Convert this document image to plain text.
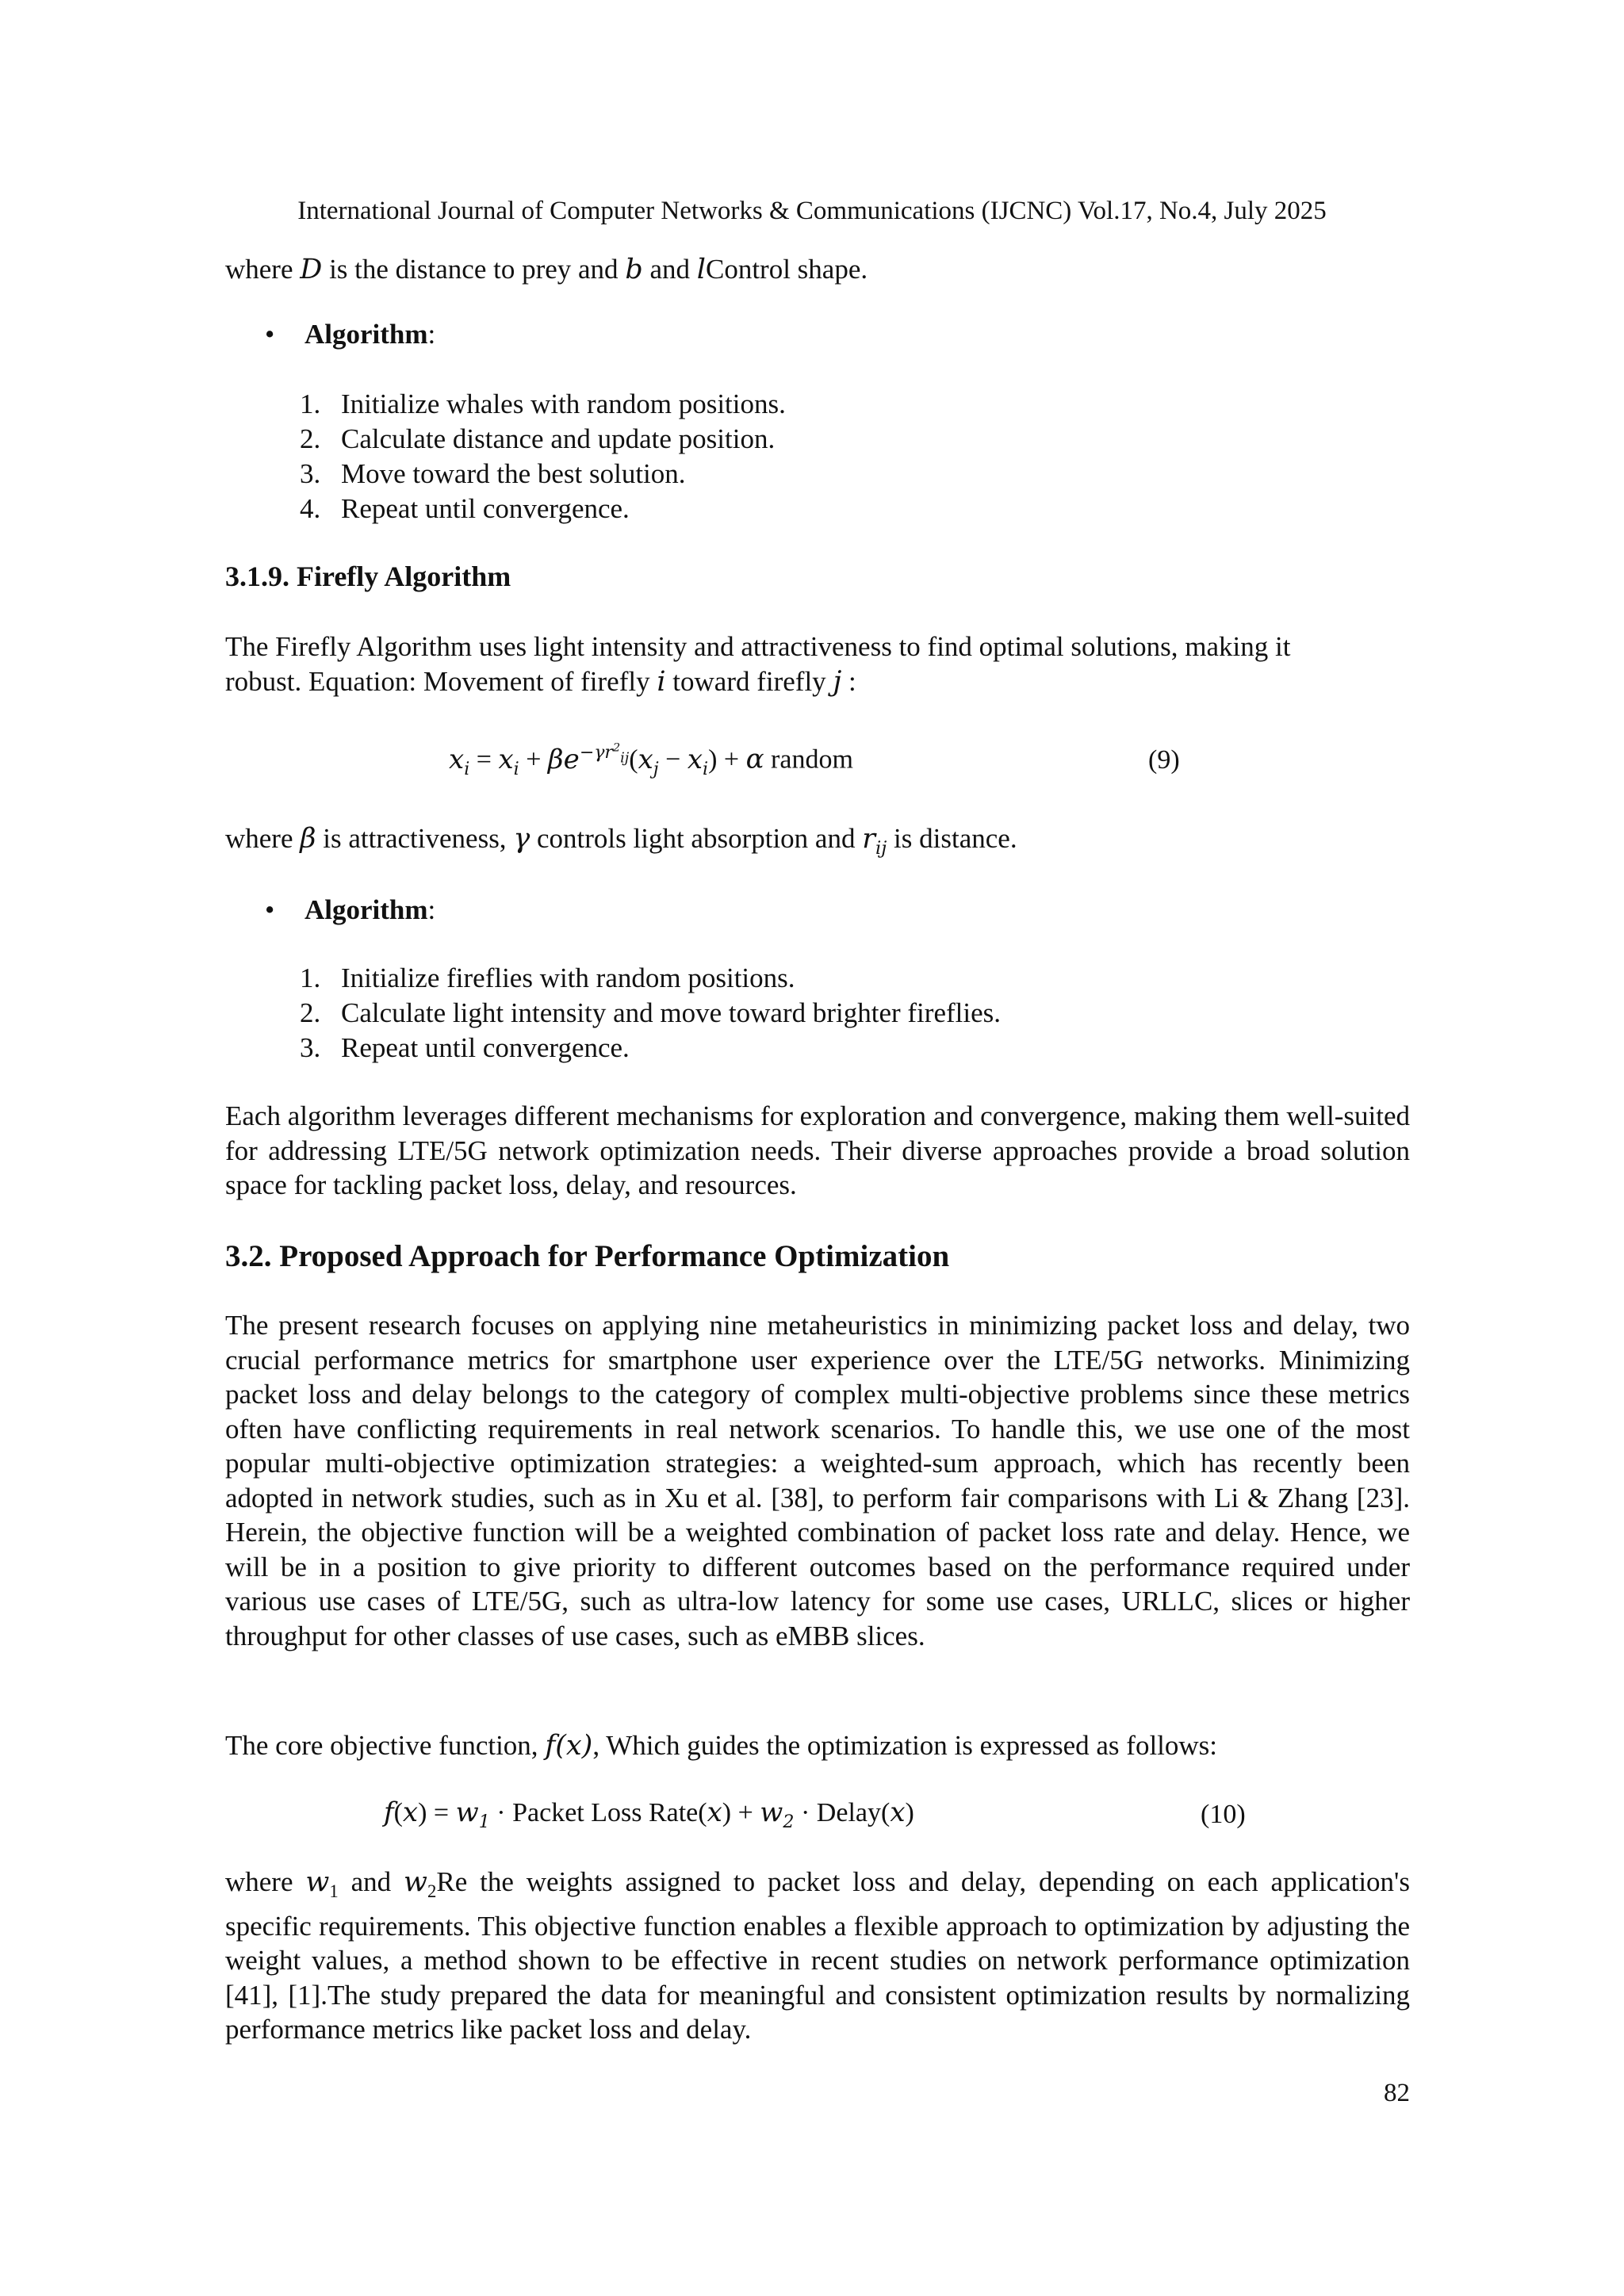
International Journal of Computer Networks & Communications (IJCNC) Vol.17, No.4, July 2025
where D is the distance to prey and b and lControl shape.
• Algorithm:
1. Initialize whales with random positions.
2. Calculate distance and update position.
3. Move toward the best solution.
4. Repeat until convergence.
3.1.9. Firefly Algorithm
The Firefly Algorithm uses light intensity and attractiveness to find optimal solutions, making it
robust. Equation: Movement of firefly i toward firefly j :
$x_i = x_i + \beta e^{-\gamma r^2_{ij}}(x_j - x_i) + \alpha$ random	(9)
where β is attractiveness, γ controls light absorption and $r_{ij}$ is distance.
• Algorithm:
1. Initialize fireflies with random positions.
2. Calculate light intensity and move toward brighter fireflies.
3. Repeat until convergence.

Each algorithm leverages different mechanisms for exploration and convergence, making them well-suited for addressing LTE/5G network optimization needs. Their diverse approaches provide a broad solution space for tackling packet loss, delay, and resources.

3.2. Proposed Approach for Performance Optimization

The present research focuses on applying nine metaheuristics in minimizing packet loss and delay, two crucial performance metrics for smartphone user experience over the LTE/5G networks. Minimizing packet loss and delay belongs to the category of complex multi-objective problems since these metrics often have conflicting requirements in real network scenarios. To handle this, we use one of the most popular multi-objective optimization strategies: a weighted-sum approach, which has recently been adopted in network studies, such as in Xu et al. [38], to perform fair comparisons with Li & Zhang [23]. Herein, the objective function will be a weighted combination of packet loss rate and delay. Hence, we will be in a position to give priority to different outcomes based on the performance required under various use cases of LTE/5G, such as ultra-low latency for some use cases, URLLC, slices or higher throughput for other classes of use cases, such as eMBB slices.

The core objective function, f(x), Which guides the optimization is expressed as follows:
$f(x) = w_1$ · Packet Loss Rate(x) + $w_2$ · Delay(x)	(10)

where $w_1$ and $w_2Re$ the weights assigned to packet loss and delay, depending on each application's specific requirements. This objective function enables a flexible approach to optimization by adjusting the weight values, a method shown to be effective in recent studies on network performance optimization [41], [1].The study prepared the data for meaningful and consistent optimization results by normalizing performance metrics like packet loss and delay.

82
